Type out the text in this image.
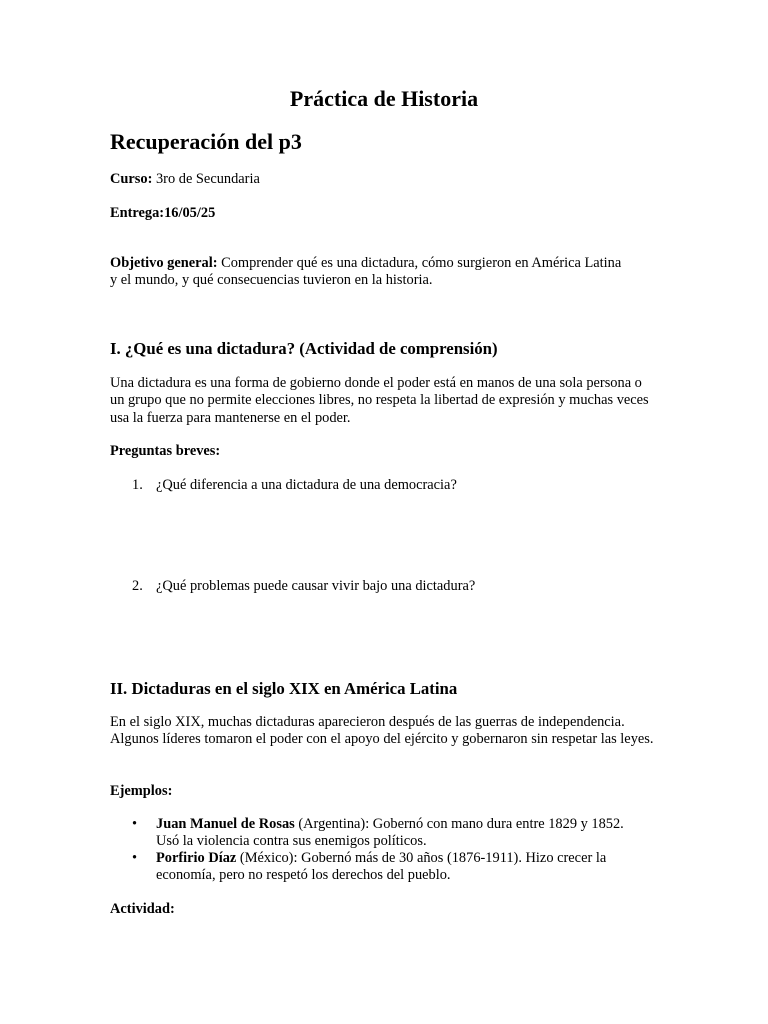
Práctica de Historia
Recuperación del p3
Curso: 3ro de Secundaria
Entrega:16/05/25
Objetivo general: Comprender qué es una dictadura, cómo surgieron en América Latina y el mundo, y qué consecuencias tuvieron en la historia.
I. ¿Qué es una dictadura? (Actividad de comprensión)
Una dictadura es una forma de gobierno donde el poder está en manos de una sola persona o un grupo que no permite elecciones libres, no respeta la libertad de expresión y muchas veces usa la fuerza para mantenerse en el poder.
Preguntas breves:
1. ¿Qué diferencia a una dictadura de una democracia?
2. ¿Qué problemas puede causar vivir bajo una dictadura?
II. Dictaduras en el siglo XIX en América Latina
En el siglo XIX, muchas dictaduras aparecieron después de las guerras de independencia. Algunos líderes tomaron el poder con el apoyo del ejército y gobernaron sin respetar las leyes.
Ejemplos:
• Juan Manuel de Rosas (Argentina): Gobernó con mano dura entre 1829 y 1852. Usó la violencia contra sus enemigos políticos.
• Porfirio Díaz (México): Gobernó más de 30 años (1876-1911). Hizo crecer la economía, pero no respetó los derechos del pueblo.
Actividad:
